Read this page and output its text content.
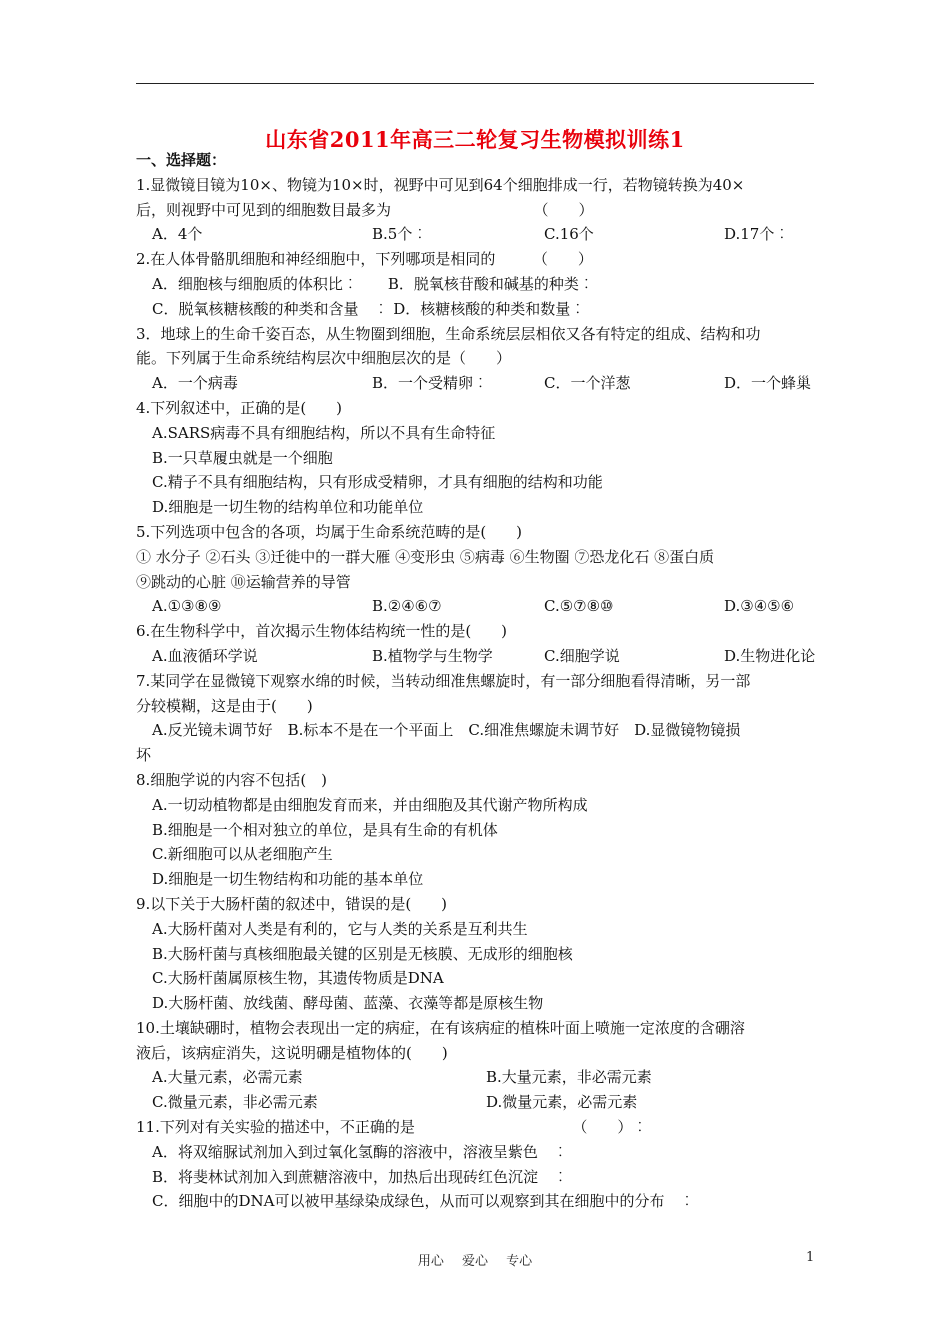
山东省2011年高三二轮复习生物模拟训练1
一、选择题：
1.显微镜目镜为10×、物镜为10×时，视野中可见到64个细胞排成一行，若物镜转换为40×
后，则视野中可见到的细胞数目最多为　　　　　　　　　　（　　）
A．4个	B.5个︰	C.16个	D.17个︰
2.在人体骨骼肌细胞和神经细胞中，下列哪项是相同的　　　（　　）
A．细胞核与细胞质的体积比︰　　B．脱氧核苷酸和碱基的种类︰
C．脱氧核糖核酸的种类和含量　︰ D．核糖核酸的种类和数量︰
3．地球上的生命千姿百态，从生物圈到细胞，生命系统层层相依又各有特定的组成、结构和功
能。下列属于生命系统结构层次中细胞层次的是（　　）
A．一个病毒	B．一个受精卵︰	C．一个洋葱	D．一个蜂巢
4.下列叙述中，正确的是(　　)
A.SARS病毒不具有细胞结构，所以不具有生命特征
B.一只草履虫就是一个细胞
C.精子不具有细胞结构，只有形成受精卵，才具有细胞的结构和功能
D.细胞是一切生物的结构单位和功能单位
5.下列选项中包含的各项，均属于生命系统范畴的是(　　)
① 水分子 ②石头 ③迁徙中的一群大雁 ④变形虫 ⑤病毒 ⑥生物圈 ⑦恐龙化石 ⑧蛋白质
⑨跳动的心脏 ⑩运输营养的导管
A.①③⑧⑨	B.②④⑥⑦	C.⑤⑦⑧⑩	D.③④⑤⑥
6.在生物科学中，首次揭示生物体结构统一性的是(　　)
A.血液循环学说	B.植物学与生物学	C.细胞学说	D.生物进化论
7.某同学在显微镜下观察水绵的时候，当转动细准焦螺旋时，有一部分细胞看得清晰，另一部
分较模糊，这是由于(　　)
A.反光镜未调节好　B.标本不是在一个平面上　C.细准焦螺旋未调节好　D.显微镜物镜损
坏
8.细胞学说的内容不包括(　)
A.一切动植物都是由细胞发育而来，并由细胞及其代谢产物所构成
B.细胞是一个相对独立的单位，是具有生命的有机体
C.新细胞可以从老细胞产生
D.细胞是一切生物结构和功能的基本单位
9.以下关于大肠杆菌的叙述中，错误的是(　　)
A.大肠杆菌对人类是有利的，它与人类的关系是互利共生
B.大肠杆菌与真核细胞最关键的区别是无核膜、无成形的细胞核
C.大肠杆菌属原核生物，其遗传物质是DNA
D.大肠杆菌、放线菌、酵母菌、蓝藻、衣藻等都是原核生物
10.土壤缺硼时，植物会表现出一定的病症，在有该病症的植株叶面上喷施一定浓度的含硼溶
液后，该病症消失，这说明硼是植物体的(　　)
A.大量元素，必需元素	B.大量元素，非必需元素
C.微量元素，非必需元素	D.微量元素，必需元素
11.下列对有关实验的描述中，不正确的是　　　　　　　　　　　（　　）︰
A．将双缩脲试剂加入到过氧化氢酶的溶液中，溶液呈紫色　︰
B．将斐林试剂加入到蔗糖溶液中，加热后出现砖红色沉淀　︰
C．细胞中的DNA可以被甲基绿染成绿色，从而可以观察到其在细胞中的分布　︰
用心 爱心 专心	1
